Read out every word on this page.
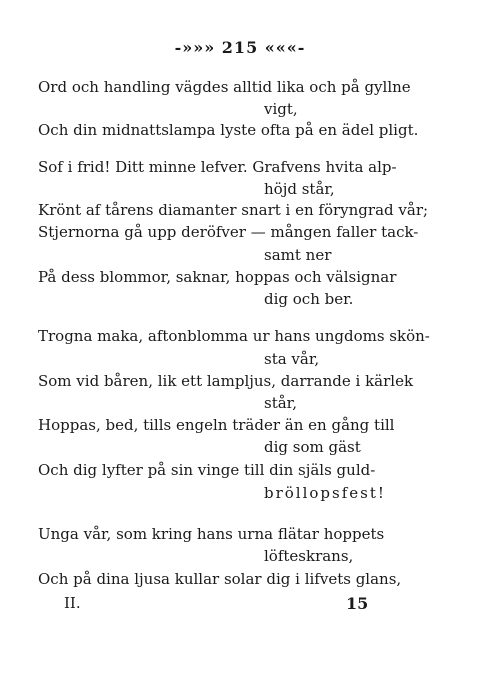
-»»» 215 «««-
Ord och handling vägdes alltid lika och på gyllne
vigt,
Och din midnattslampa lyste ofta på en ädel pligt.
Sof i frid! Ditt minne lefver. Grafvens hvita alp-
höjd står,
Krönt af tårens diamanter snart i en föryngrad vår;
Stjernorna gå upp deröfver — mången faller tack-
samt ner
På dess blommor, saknar, hoppas och välsignar
dig och ber.
Trogna maka, aftonblomma ur hans ungdoms skön-
sta vår,
Som vid båren, lik ett lampljus, darrande i kärlek
står,
Hoppas, bed, tills engeln träder än en gång till
dig som gäst
Och dig lyfter på sin vinge till din själs guld-
bröllopsfest!
Unga vår, som kring hans urna flätar hoppets
löfteskrans,
Och på dina ljusa kullar solar dig i lifvets glans,
II.	15
